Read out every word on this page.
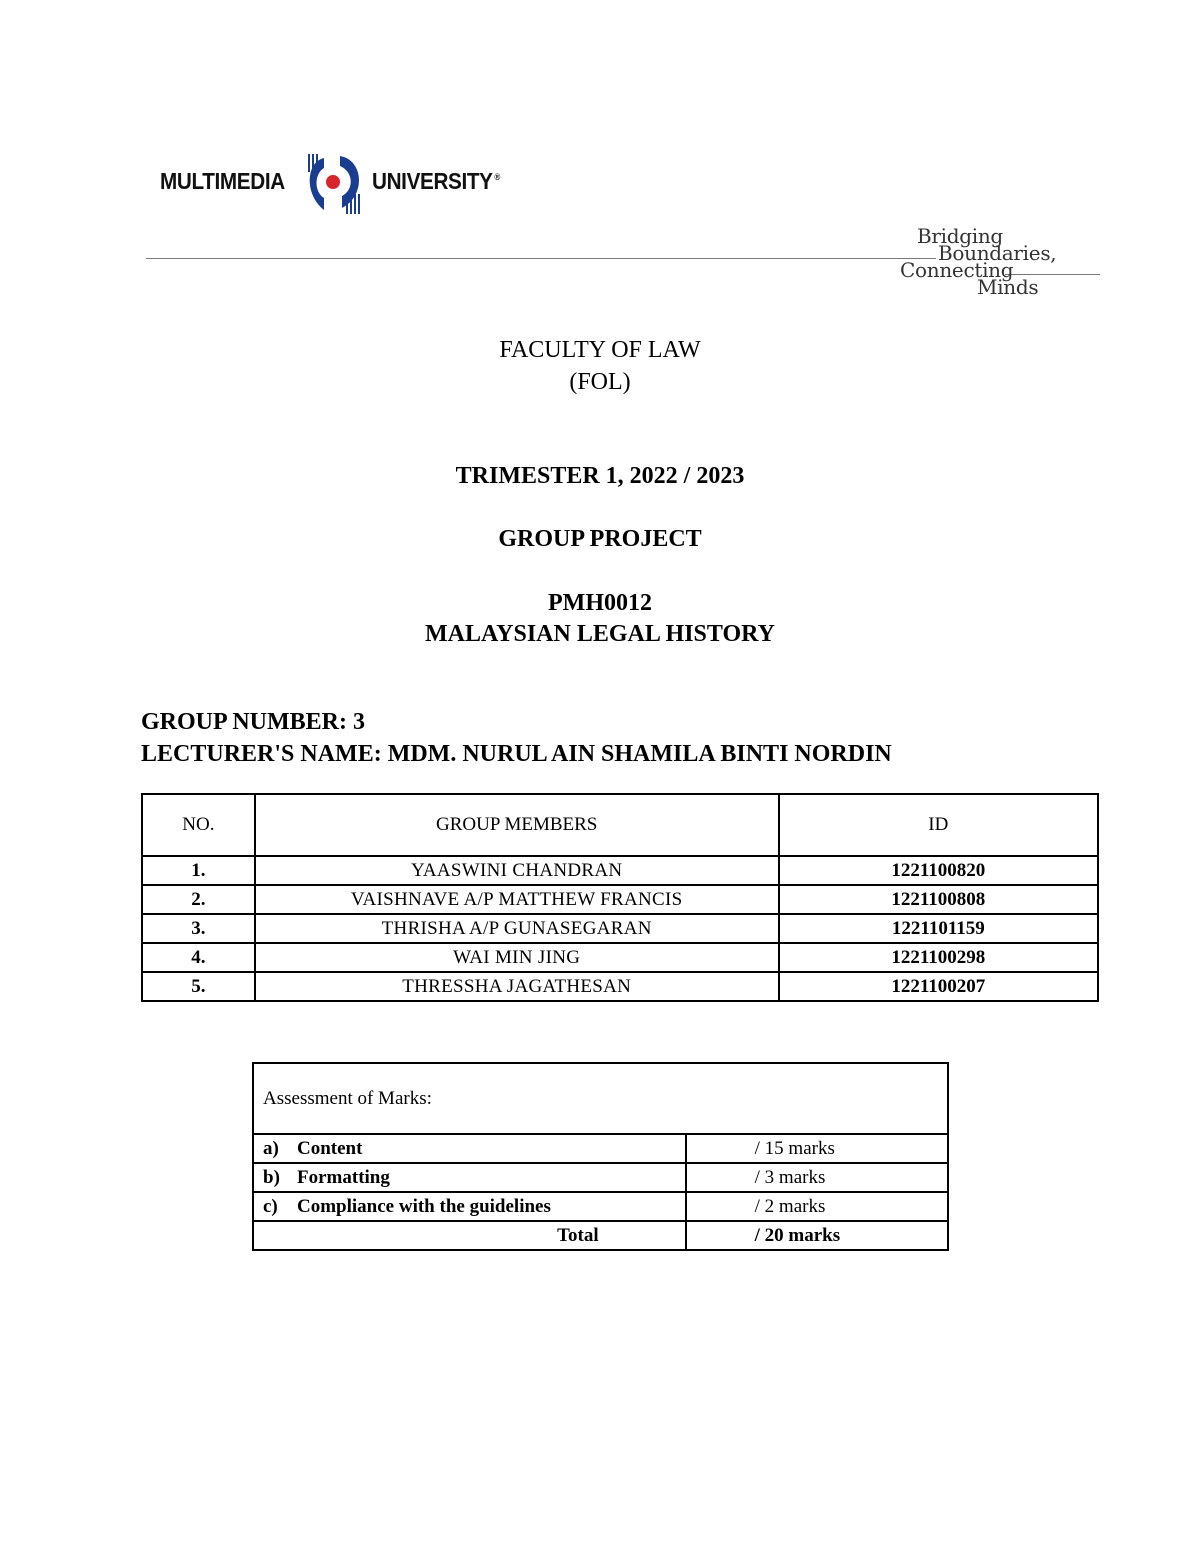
MULTIMEDIA	UNIVERSITY ®
Bridging
Boundaries,
Connecting
Minds
FACULTY OF LAW
(FOL)
TRIMESTER 1, 2022 / 2023
GROUP PROJECT
PMH0012
MALAYSIAN LEGAL HISTORY
GROUP NUMBER: 3
LECTURER'S NAME: MDM. NURUL AIN SHAMILA BINTI NORDIN
NO.	GROUP MEMBERS	ID
1.	YAASWINI CHANDRAN	1221100820
2.	VAISHNAVE A/P MATTHEW FRANCIS	1221100808
3.	THRISHA A/P GUNASEGARAN	1221101159
4.	WAI MIN JING	1221100298
5.	THRESSHA JAGATHESAN	1221100207
Assessment of Marks:	
a) Content	/ 15 marks
b) Formatting	/ 3 marks
c) Compliance with the guidelines	/ 2 marks
Total	/ 20 marks
